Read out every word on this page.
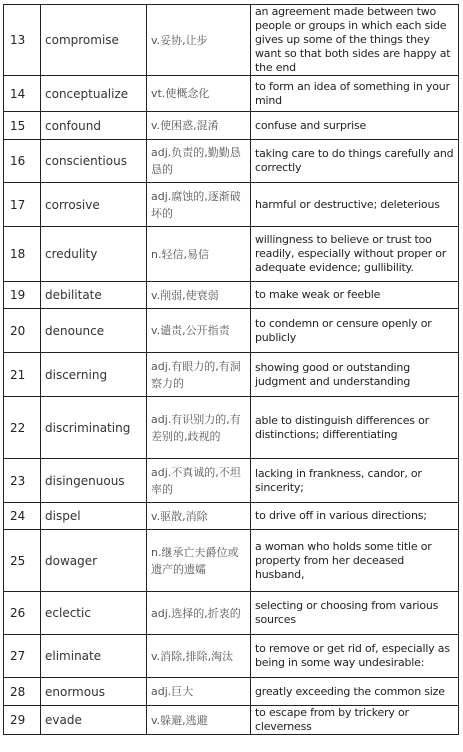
13	compromise	v.妥协,让步	an agreement made between two people or groups in which each side gives up some of the things they want so that both sides are happy at the end
14	conceptualize	vt.使概念化	to form an idea of something in your mind
15	confound	v.使困惑,混淆	confuse and surprise
16	conscientious	adj.负责的,勤勤恳恳的	taking care to do things carefully and correctly
17	corrosive	adj.腐蚀的,逐渐破坏的	harmful or destructive; deleterious
18	credulity	n.轻信,易信	willingness to believe or trust too readily, especially without proper or adequate evidence; gullibility.
19	debilitate	v.削弱,使衰弱	to make weak or feeble
20	denounce	v.谴责,公开指责	to condemn or censure openly or publicly
21	discerning	adj.有眼力的,有洞察力的	showing good or outstanding judgment and understanding
22	discriminating	adj.有识别力的,有差别的,歧视的	able to distinguish differences or distinctions; differentiating
23	disingenuous	adj.不真诚的,不坦率的	lacking in frankness, candor, or sincerity;
24	dispel	v.驱散,消除	to drive off in various directions;
25	dowager	n.继承亡夫爵位或遗产的遗孀	a woman who holds some title or property from her deceased husband,
26	eclectic	adj.选择的,折衷的	selecting or choosing from various sources
27	eliminate	v.消除,排除,淘汰	to remove or get rid of, especially as being in some way undesirable:
28	enormous	adj.巨大	greatly exceeding the common size
29	evade	v.躲避,逃避	to escape from by trickery or cleverness
